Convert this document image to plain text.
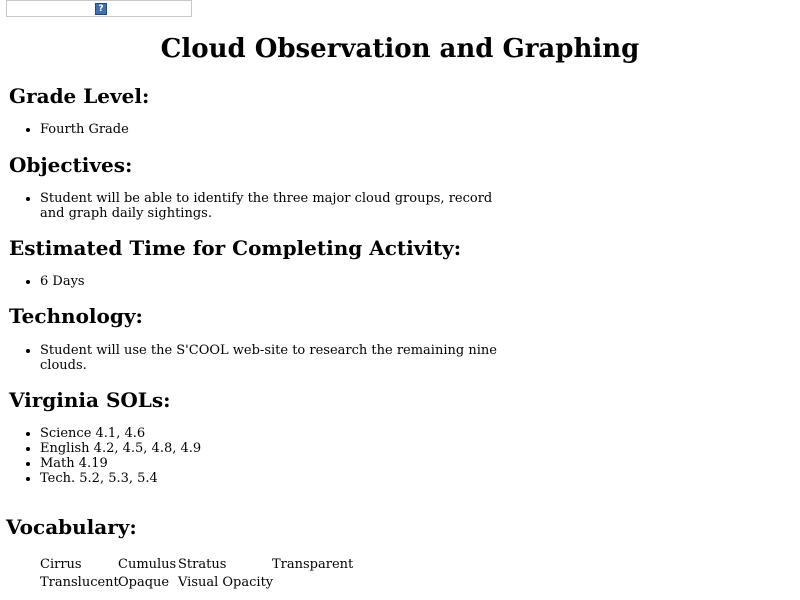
?
Cloud Observation and Graphing
Grade Level:
• Fourth Grade
Objectives:
• Student will be able to identify the three major cloud groups, record and graph daily sightings.
Estimated Time for Completing Activity:
• 6 Days
Technology:
• Student will use the S'COOL web-site to research the remaining nine clouds.
Virginia SOLs:
• Science 4.1, 4.6
• English 4.2, 4.5, 4.8, 4.9
• Math 4.19
• Tech. 5.2, 5.3, 5.4
Vocabulary:
Cirrus	Cumulus Stratus	Transparent
Translucent Opaque Visual Opacity
